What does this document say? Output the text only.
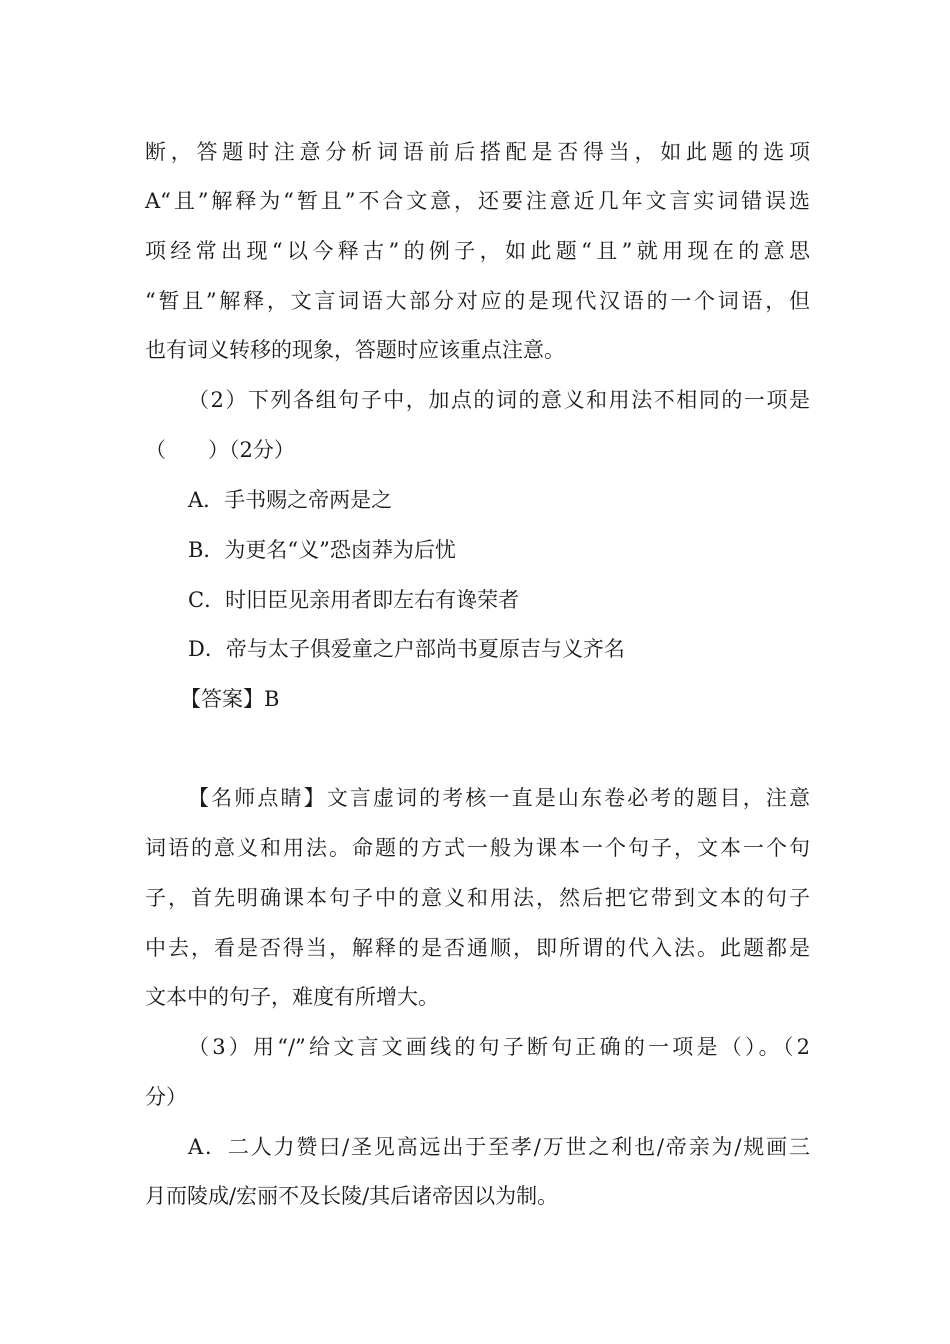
断，答题时注意分析词语前后搭配是否得当，如此题的选项
A“且”解释为“暂且”不合文意，还要注意近几年文言实词错误选
项经常出现“以今释古”的例子，如此题“且”就用现在的意思
“暂且”解释，文言词语大部分对应的是现代汉语的一个词语，但
也有词义转移的现象，答题时应该重点注意。
（2）下列各组句子中，加点的词的意义和用法不相同的一项是
（　　）（2分）
A．手书赐之帝两是之
B．为更名“义”恐卤莽为后忧
C．时旧臣见亲用者即左右有谗荣者
D．帝与太子俱爱童之户部尚书夏原吉与义齐名
【答案】B
【名师点睛】文言虚词的考核一直是山东卷必考的题目，注意
词语的意义和用法。命题的方式一般为课本一个句子，文本一个句
子，首先明确课本句子中的意义和用法，然后把它带到文本的句子
中去，看是否得当，解释的是否通顺，即所谓的代入法。此题都是
文本中的句子，难度有所增大。
（3）用“/”给文言文画线的句子断句正确的一项是（）。（2
分）
A．二人力赞曰/圣见高远出于至孝/万世之利也/帝亲为/规画三
月而陵成/宏丽不及长陵/其后诸帝因以为制。
